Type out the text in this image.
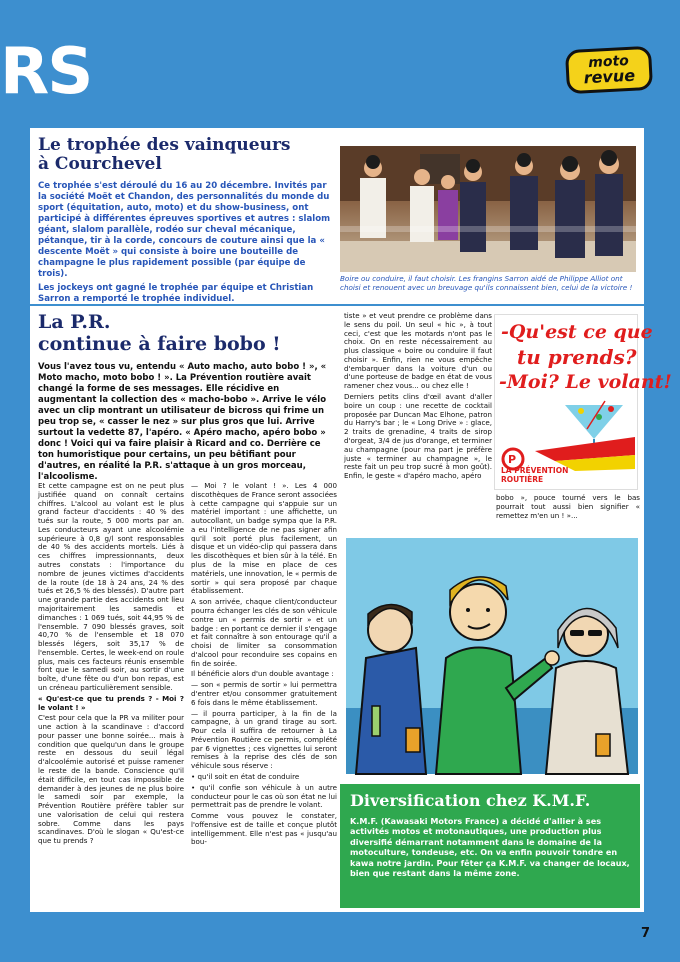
RS	moto
revue
Le trophée des vainqueurs
à Courchevel

Ce trophée s'est déroulé du 16 au 20 décembre. Invités par la société Moët et Chandon, des personnalités du monde du sport (équitation, auto, moto) et du show-business, ont participé à différentes épreuves sportives et autres : slalom géant, slalom parallèle, rodéo sur cheval mécanique, pétanque, tir à la corde, concours de couture ainsi que la « descente Moët » qui consiste à boire une bouteille de champagne le plus rapidement possible (par équipe de trois).

Les jockeys ont gagné le trophée par équipe et Christian Sarron a remporté le trophée individuel.

Boire ou conduire, il faut choisir. Les frangins Sarron aidé de Philippe Alliot ont choisi et renouent avec un breuvage qu'ils connaissent bien, celui de la victoire !
La P.R.
continue à faire bobo !
Vous l'avez tous vu, entendu « Auto macho, auto bobo ! », « Moto macho, moto bobo ! ». La Prévention routière avait changé la forme de ses messages. Elle récidive en augmentant la collection des « macho-bobo ». Arrive le vélo avec un clip montrant un utilisateur de bicross qui frime un peu trop se, « casser le nez » sur plus gros que lui. Arrive surtout la vedette 87, l'apéro. « Apéro macho, apéro bobo » donc ! Voici qui va faire plaisir à Ricard and co. Derrière ce ton humoristique pour certains, un peu bêtifiant pour d'autres, en réalité la P.R. s'attaque à un gros morceau, l'alcoolisme.

Et cette campagne est on ne peut plus justifiée quand on connaît certains chiffres. L'alcool au volant est le plus grand facteur d'accidents : 40 % des tués sur la route, 5 000 morts par an. Les conducteurs ayant une alcoolémie supérieure à 0,8 g/l sont responsables de 40 % des accidents mortels. Liés à ces chiffres impressionnants, deux autres constats : l'importance du nombre de jeunes victimes d'accidents de la route (de 18 à 24 ans, 24 % des tués et 26,5 % des blessés). D'autre part une grande partie des accidents ont lieu majoritairement les samedis et dimanches : 1 069 tués, soit 44,95 % de l'ensemble. 7 090 blessés graves, soit 40,70 % de l'ensemble et 18 070 blessés légers, soit 35,17 % de l'ensemble. Certes, le week-end on roule plus, mais ces facteurs réunis ensemble font que le samedi soir, au sortir d'une boîte, d'une fête ou d'un bon repas, est un créneau particulièrement sensible.

« Qu'est-ce que tu prends ? - Moi ? le volant ! »

C'est pour cela que la PR va militer pour une action à la scandinave : d'accord pour passer une bonne soirée... mais à condition que quelqu'un dans le groupe reste en dessous du seuil légal d'alcoolémie autorisé et puisse ramener le reste de la bande. Conscience qu'il était difficile, en tout cas impossible de demander à des jeunes de ne plus boire le samedi soir par exemple, la Prévention Routière préfère tabler sur une valorisation de celui qui restera sobre. Comme dans les pays scandinaves. D'où le slogan « Qu'est-ce que tu prends ?

— Moi ? le volant ! ». Les 4 000 discothèques de France seront associées à cette campagne qui s'appuie sur un matériel important : une affichette, un autocollant, un badge sympa que la P.R. a eu l'intelligence de ne pas signer afin qu'il soit porté plus facilement, un disque et un vidéo-clip qui passera dans les discothèques et bien sûr à la télé. En plus de la mise en place de ces matériels, une innovation, le « permis de sortir » qui sera proposé par chaque établissement.

A son arrivée, chaque client/conducteur pourra échanger les clés de son véhicule contre un « permis de sortir » et un badge : en portant ce dernier il s'engage et fait connaître à son entourage qu'il a choisi de limiter sa consommation d'alcool pour reconduire ses copains en fin de soirée.

Il bénéficie alors d'un double avantage :

— son « permis de sortir » lui permettra d'entrer et/ou consommer gratuitement 6 fois dans le même établissement.

— il pourra participer, à la fin de la campagne, à un grand tirage au sort. Pour cela il suffira de retourner à La Prévention Routière ce permis, complété par 6 vignettes ; ces vignettes lui seront remises à la reprise des clés de son véhicule sous réserve :

• qu'il soit en état de conduire

• qu'il confie son véhicule à un autre conducteur pour le cas où son état ne lui permettrait pas de prendre le volant.

Comme vous pouvez le constater, l'offensive est de taille et conçue plutôt intelligemment. Elle n'est pas « jusqu'au bou-

tiste » et veut prendre ce problème dans le sens du poil. Un seul « hic », à tout ceci, c'est que les motards n'ont pas le choix. On en reste nécessairement au plus classique « boire ou conduire il faut choisir ». Enfin, rien ne vous empêche d'embarquer dans la voiture d'un ou d'une porteuse de badge en état de vous ramener chez vous... ou chez elle !

Derniers petits clins d'œil avant d'aller boire un coup : une recette de cocktail proposée par Duncan Mac Elhone, patron du Harry's bar ; le « Long Drive » : glace, 2 traits de grenadine, 4 traits de sirop d'orgeat, 3/4 de jus d'orange, et terminer au champagne (pour ma part je préfère juste « terminer au champagne », le reste fait un peu trop sucré à mon goût). Enfin, le geste « d'apéro macho, apéro

-Qu'est ce que
tu prends?
-Moi? Le volant!
P
LA PRÉVENTION
ROUTIÈRE

bobo », pouce tourné vers le bas pourrait tout aussi bien signifier « remettez m'en un ! »...

Diversification chez K.M.F.
K.M.F. (Kawasaki Motors France) a décidé d'allier à ses activités motos et motonautiques, une production plus diversifié démarrant notamment dans le domaine de la motoculture, tondeuse, etc. On va enfin pouvoir tondre en kawa notre jardin. Pour fêter ça K.M.F. va changer de locaux, bien que restant dans la même zone.
7
